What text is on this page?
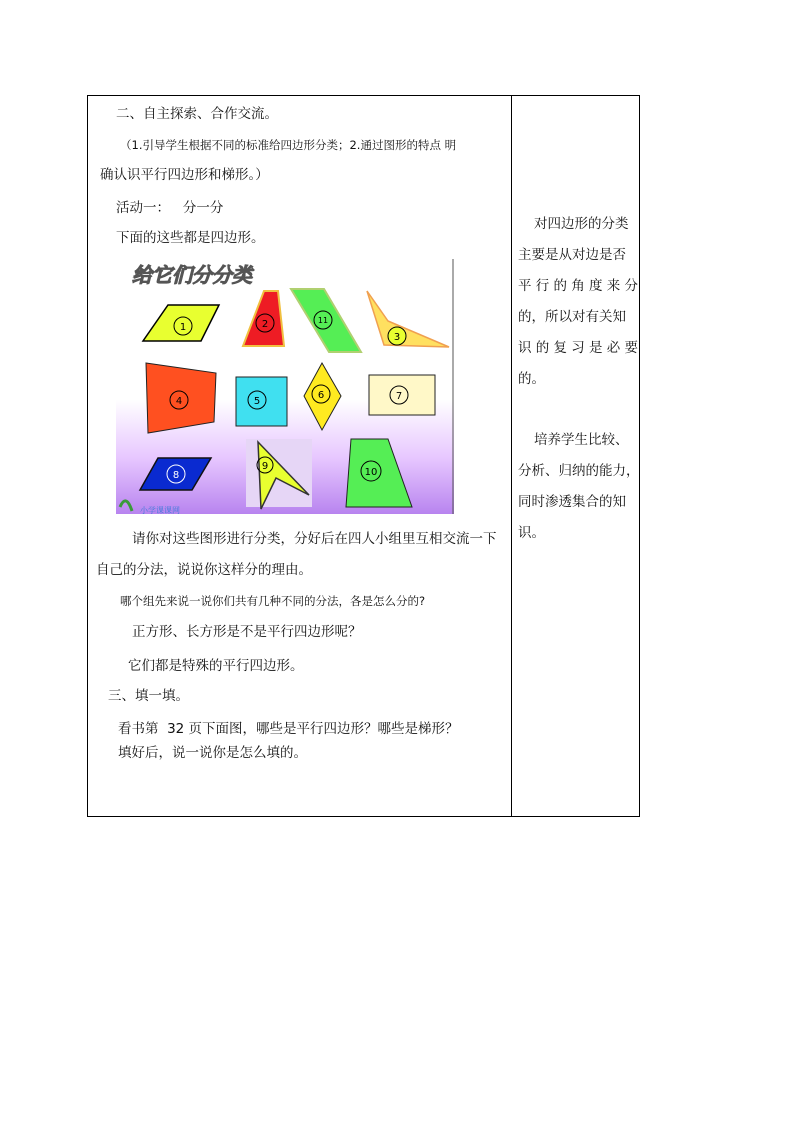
二、自主探索、合作交流。
（1.引导学生根据不同的标准给四边形分类；2.通过图形的特点 明
确认识平行四边形和梯形。）
活动一：   分一分
下面的这些都是四边形。
给它们分分类
1	2	11
3
4	5
6	7
8
9
10
小学课课网
请你对这些图形进行分类，分好后在四人小组里互相交流一下
自己的分法，说说你这样分的理由。
哪个组先来说一说你们共有几种不同的分法，各是怎么分的?
正方形、长方形是不是平行四边形呢？
它们都是特殊的平行四边形。
三、填一填。
看书第  32 页下面图，哪些是平行四边形？哪些是梯形？
填好后，说一说你是怎么填的。

对四边形的分类

主要是从对边是否

平行的角度来分

的，所以对有关知

识的复习是必要

的。

培养学生比较、

分析、归纳的能力，

同时渗透集合的知

识。
